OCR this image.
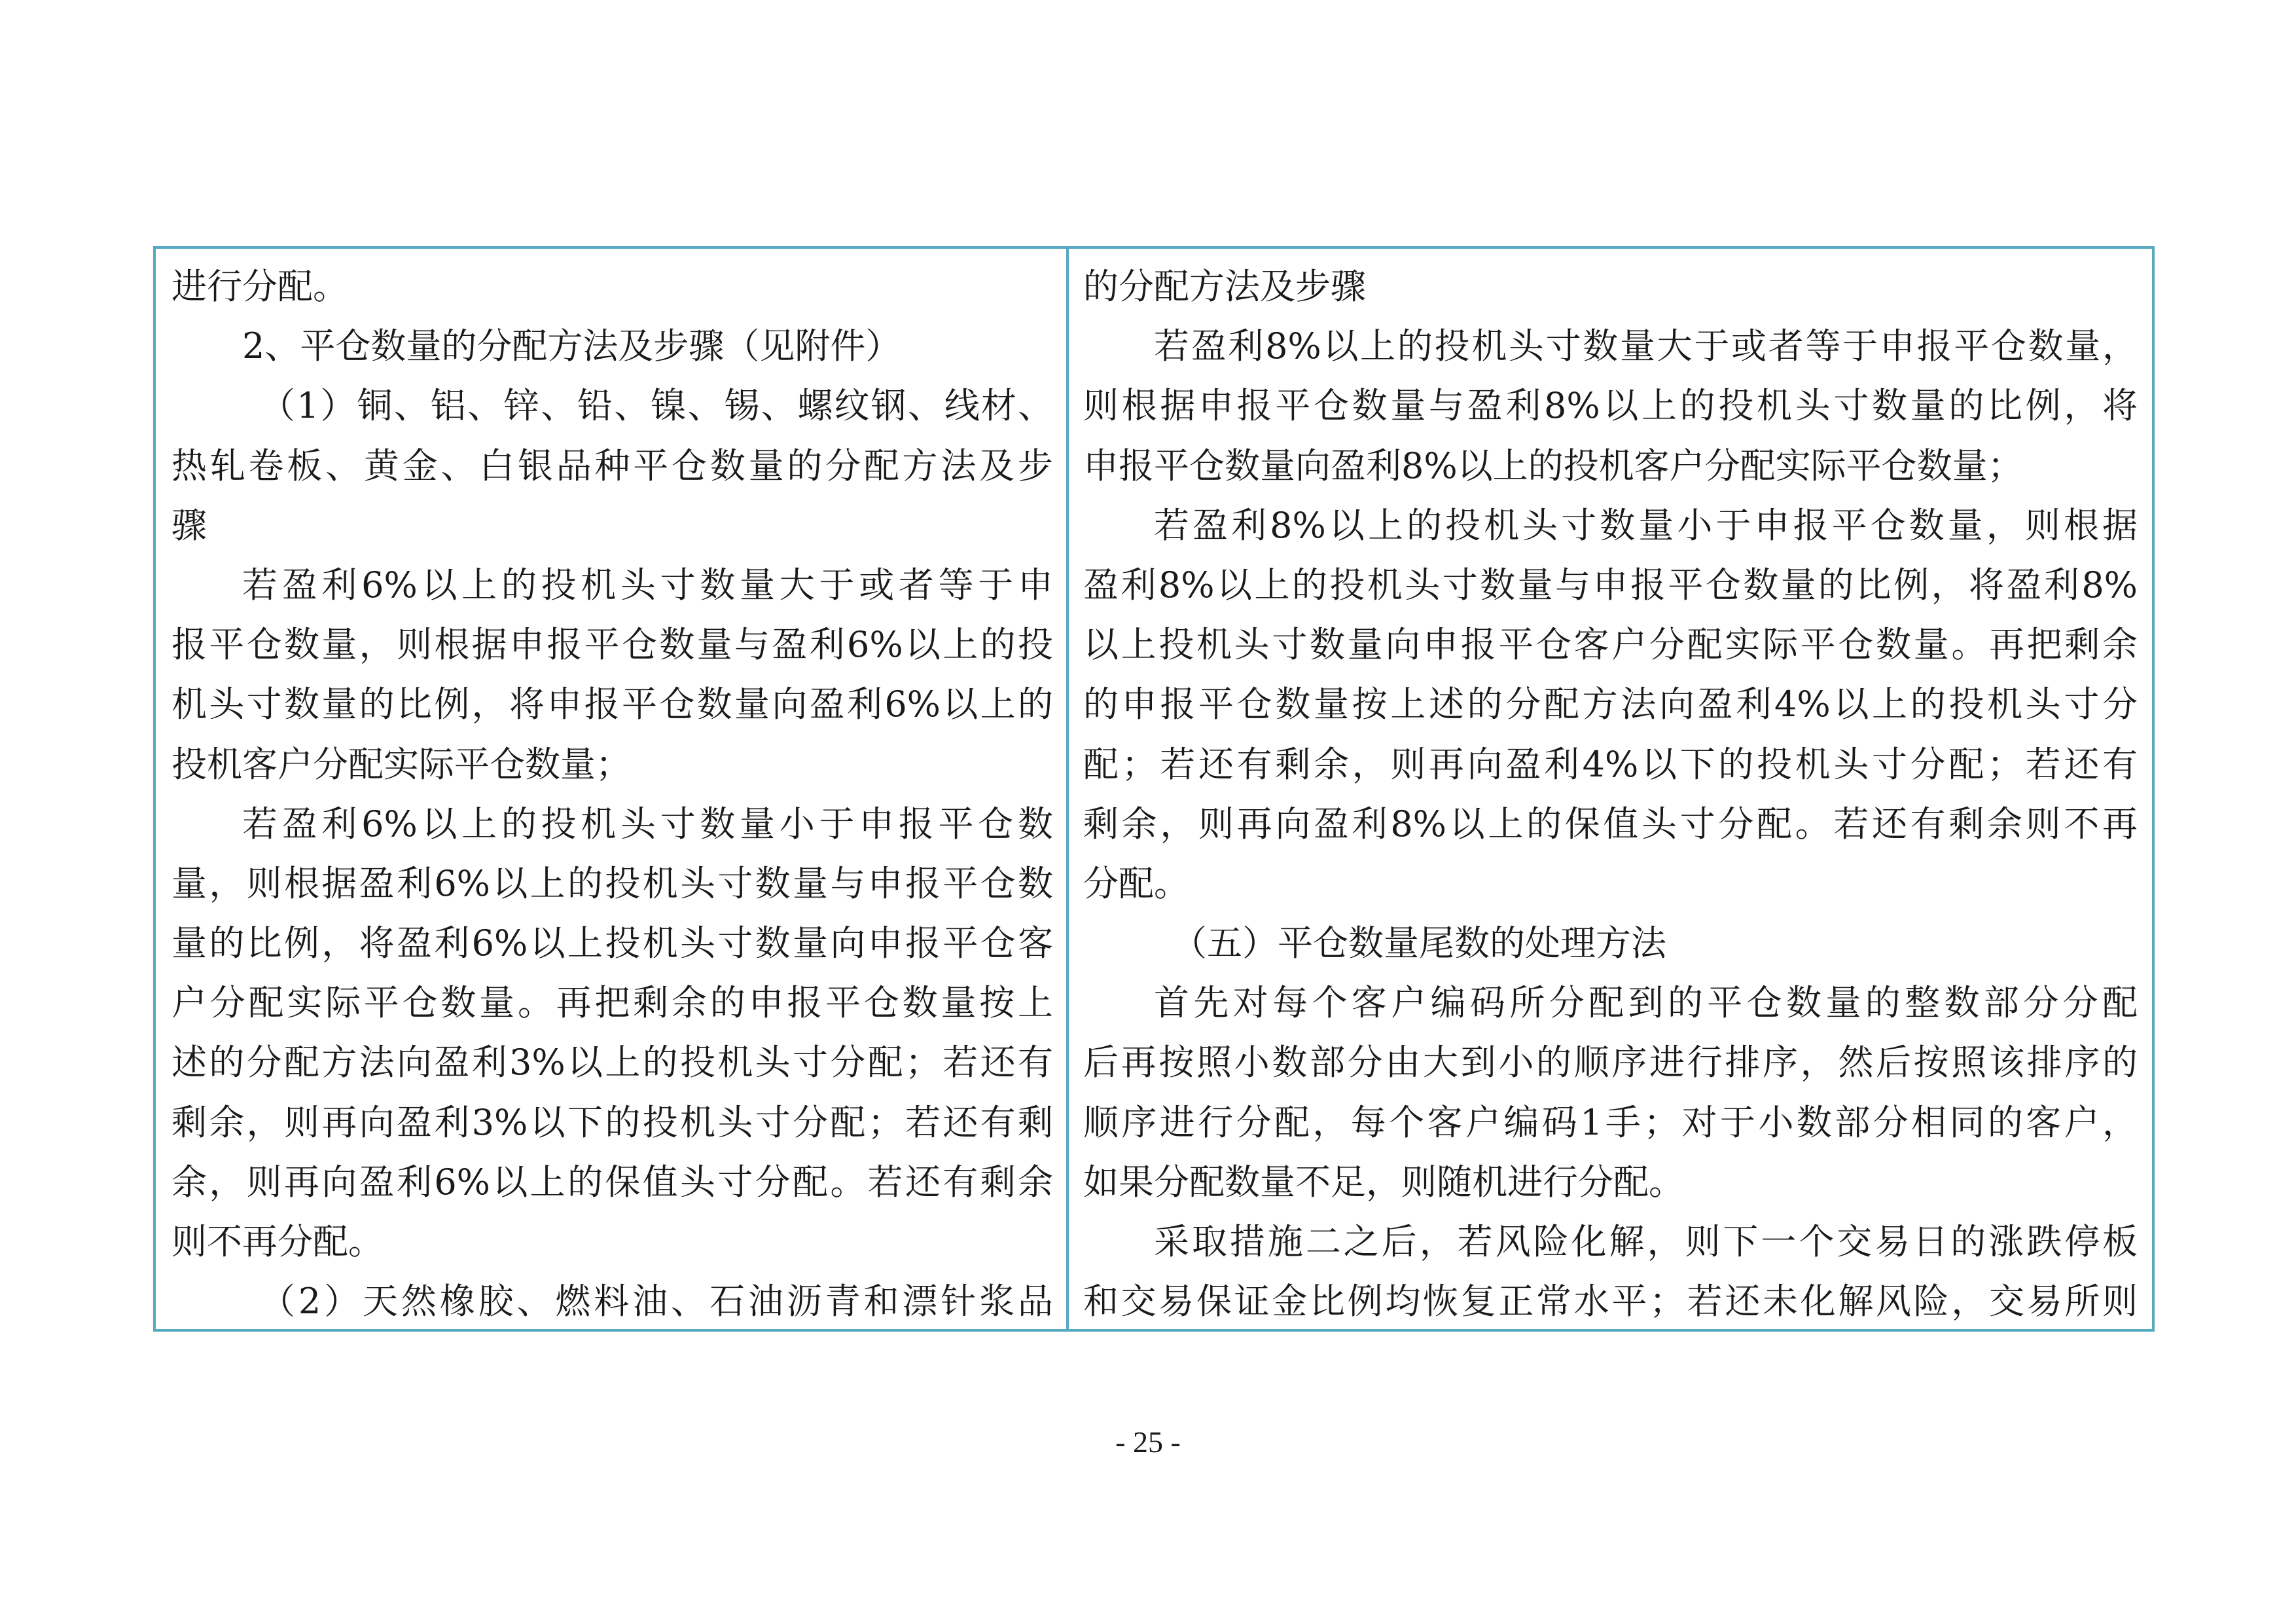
进行分配。
2、平仓数量的分配方法及步骤（见附件）
（1）铜、铝、锌、铅、镍、锡、螺纹钢、线材、
热轧卷板、黄金、白银品种平仓数量的分配方法及步
骤
若盈利6%以上的投机头寸数量大于或者等于申
报平仓数量，则根据申报平仓数量与盈利6%以上的投
机头寸数量的比例，将申报平仓数量向盈利6%以上的
投机客户分配实际平仓数量；
若盈利6%以上的投机头寸数量小于申报平仓数
量，则根据盈利6%以上的投机头寸数量与申报平仓数
量的比例，将盈利6%以上投机头寸数量向申报平仓客
户分配实际平仓数量。再把剩余的申报平仓数量按上
述的分配方法向盈利3%以上的投机头寸分配；若还有
剩余，则再向盈利3%以下的投机头寸分配；若还有剩
余，则再向盈利6%以上的保值头寸分配。若还有剩余
则不再分配。
（2）天然橡胶、燃料油、石油沥青和漂针浆品
的分配方法及步骤
若盈利8%以上的投机头寸数量大于或者等于申报平仓数量，
则根据申报平仓数量与盈利8%以上的投机头寸数量的比例，将
申报平仓数量向盈利8%以上的投机客户分配实际平仓数量；
若盈利8%以上的投机头寸数量小于申报平仓数量，则根据
盈利8%以上的投机头寸数量与申报平仓数量的比例，将盈利8%
以上投机头寸数量向申报平仓客户分配实际平仓数量。再把剩余
的申报平仓数量按上述的分配方法向盈利4%以上的投机头寸分
配；若还有剩余，则再向盈利4%以下的投机头寸分配；若还有
剩余，则再向盈利8%以上的保值头寸分配。若还有剩余则不再
分配。
（五）平仓数量尾数的处理方法
首先对每个客户编码所分配到的平仓数量的整数部分分配
后再按照小数部分由大到小的顺序进行排序，然后按照该排序的
顺序进行分配，每个客户编码1手；对于小数部分相同的客户，
如果分配数量不足，则随机进行分配。
采取措施二之后，若风险化解，则下一个交易日的涨跌停板
和交易保证金比例均恢复正常水平；若还未化解风险，交易所则
- 25 -
